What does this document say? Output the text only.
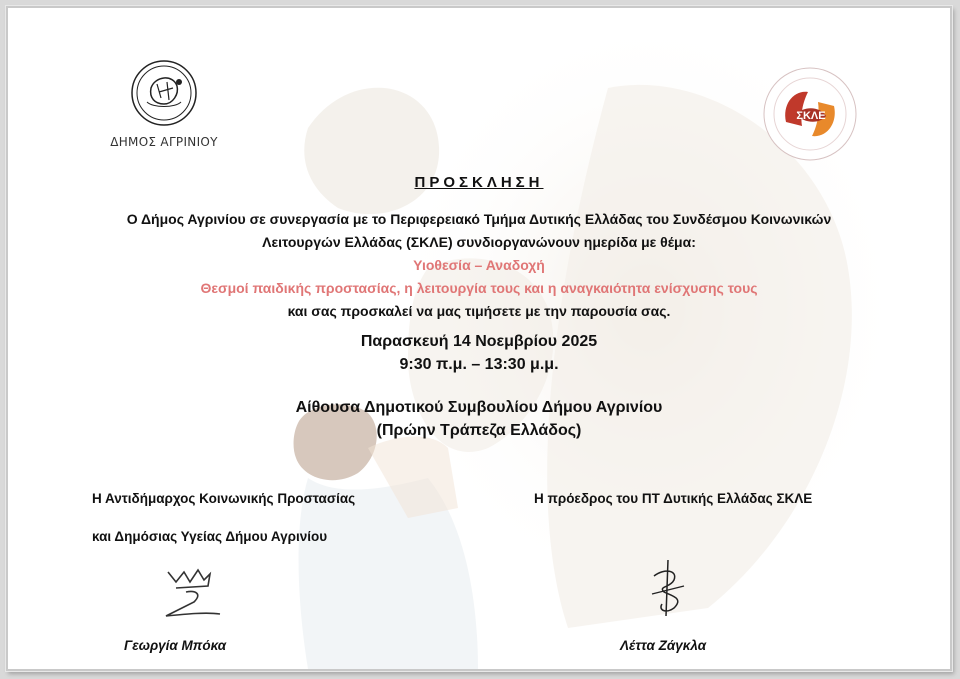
ΔΗΜΟΣ ΑΓΡΙΝΙΟΥ
ΣΚΛΕ
ΠΡΟΣΚΛΗΣΗ
Ο Δήμος Αγρινίου σε συνεργασία με το Περιφερειακό Τμήμα Δυτικής Ελλάδας του Συνδέσμου Κοινωνικών
Λειτουργών Ελλάδας (ΣΚΛΕ) συνδιοργανώνουν ημερίδα με θέμα:
Υιοθεσία – Αναδοχή
Θεσμοί παιδικής προστασίας, η λειτουργία τους και η αναγκαιότητα ενίσχυσης τους
και σας προσκαλεί να μας τιμήσετε με την παρουσία σας.
Παρασκευή 14 Νοεμβρίου 2025
9:30 π.μ. – 13:30 μ.μ.
Αίθουσα Δημοτικού Συμβουλίου Δήμου Αγρινίου
(Πρώην Τράπεζα Ελλάδος)
Η Αντιδήμαρχος Κοινωνικής Προστασίας
και Δημόσιας Υγείας Δήμου Αγρινίου
Η πρόεδρος του ΠΤ Δυτικής Ελλάδας ΣΚΛΕ
Γεωργία Μπόκα	Λέττα Ζάγκλα
